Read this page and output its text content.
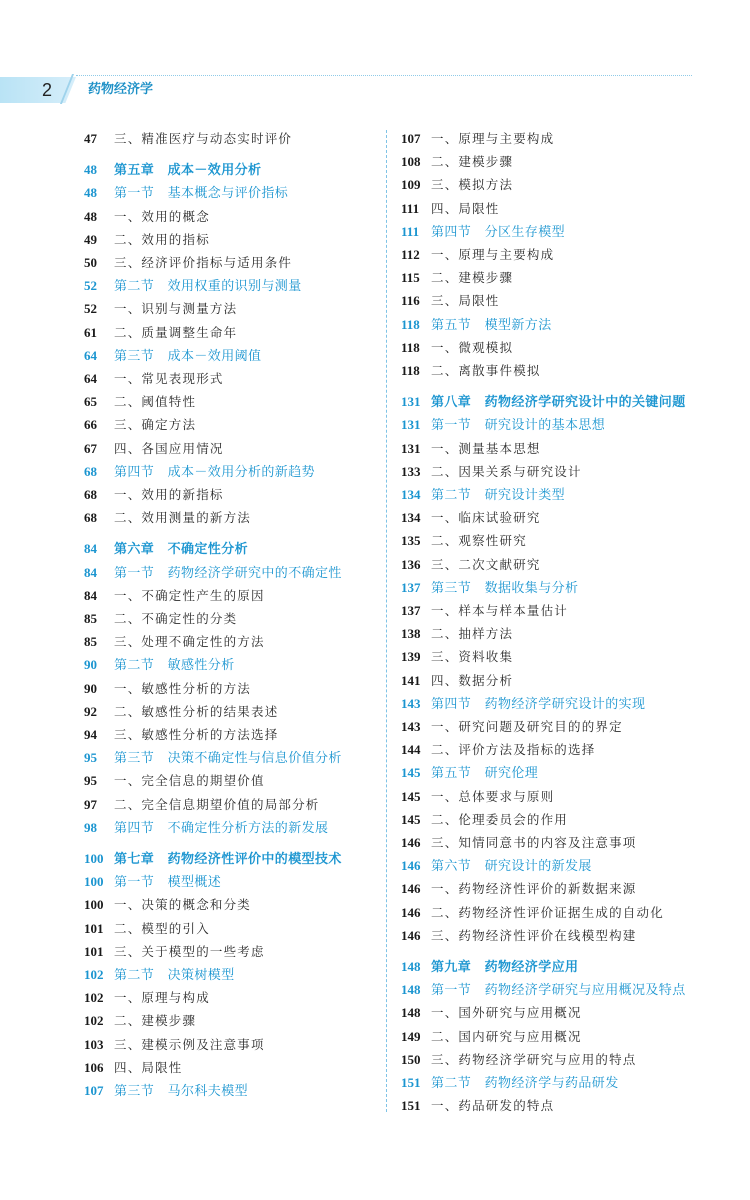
2	药物经济学
47 三、精准医疗与动态实时评价
48 第五章　成本－效用分析
48 第一节　基本概念与评价指标
48 一、效用的概念
49 二、效用的指标
50 三、经济评价指标与适用条件
52 第二节　效用权重的识别与测量
52 一、识别与测量方法
61 二、质量调整生命年
64 第三节　成本－效用阈值
64 一、常见表现形式
65 二、阈值特性
66 三、确定方法
67 四、各国应用情况
68 第四节　成本－效用分析的新趋势
68 一、效用的新指标
68 二、效用测量的新方法
84 第六章　不确定性分析
84 第一节　药物经济学研究中的不确定性
84 一、不确定性产生的原因
85 二、不确定性的分类
85 三、处理不确定性的方法
90 第二节　敏感性分析
90 一、敏感性分析的方法
92 二、敏感性分析的结果表述
94 三、敏感性分析的方法选择
95 第三节　决策不确定性与信息价值分析
95 一、完全信息的期望价值
97 二、完全信息期望价值的局部分析
98 第四节　不确定性分析方法的新发展
100 第七章　药物经济性评价中的模型技术
100 第一节　模型概述
100 一、决策的概念和分类
101 二、模型的引入
101 三、关于模型的一些考虑
102 第二节　决策树模型
102 一、原理与构成
102 二、建模步骤
103 三、建模示例及注意事项
106 四、局限性
107 第三节　马尔科夫模型
107 一、原理与主要构成
108 二、建模步骤
109 三、模拟方法
111 四、局限性
111 第四节　分区生存模型
112 一、原理与主要构成
115 二、建模步骤
116 三、局限性
118 第五节　模型新方法
118 一、微观模拟
118 二、离散事件模拟
131 第八章　药物经济学研究设计中的关键问题
131 第一节　研究设计的基本思想
131 一、测量基本思想
133 二、因果关系与研究设计
134 第二节　研究设计类型
134 一、临床试验研究
135 二、观察性研究
136 三、二次文献研究
137 第三节　数据收集与分析
137 一、样本与样本量估计
138 二、抽样方法
139 三、资料收集
141 四、数据分析
143 第四节　药物经济学研究设计的实现
143 一、研究问题及研究目的的界定
144 二、评价方法及指标的选择
145 第五节　研究伦理
145 一、总体要求与原则
145 二、伦理委员会的作用
146 三、知情同意书的内容及注意事项
146 第六节　研究设计的新发展
146 一、药物经济性评价的新数据来源
146 二、药物经济性评价证据生成的自动化
146 三、药物经济性评价在线模型构建
148 第九章　药物经济学应用
148 第一节　药物经济学研究与应用概况及特点
148 一、国外研究与应用概况
149 二、国内研究与应用概况
150 三、药物经济学研究与应用的特点
151 第二节　药物经济学与药品研发
151 一、药品研发的特点
